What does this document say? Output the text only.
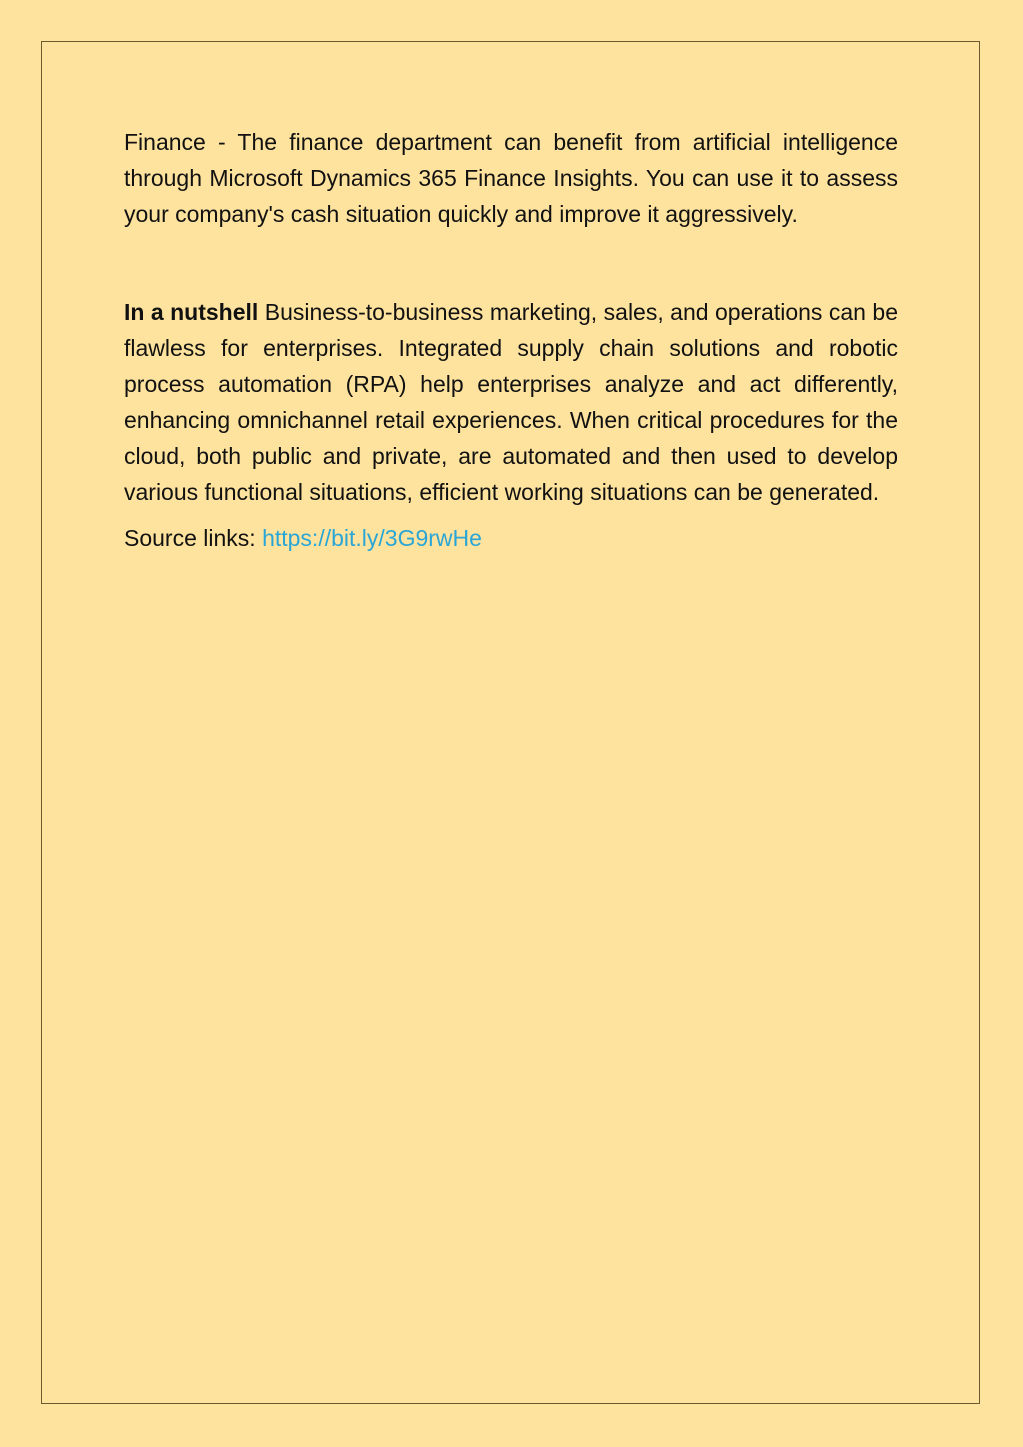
Finance - The finance department can benefit from artificial intelligence through Microsoft Dynamics 365 Finance Insights. You can use it to assess your company's cash situation quickly and improve it aggressively.

In a nutshell Business-to-business marketing, sales, and operations can be flawless for enterprises. Integrated supply chain solutions and robotic process automation (RPA) help enterprises analyze and act differently, enhancing omnichannel retail experiences. When critical procedures for the cloud, both public and private, are automated and then used to develop various functional situations, efficient working situations can be generated.

Source links: https://bit.ly/3G9rwHe
